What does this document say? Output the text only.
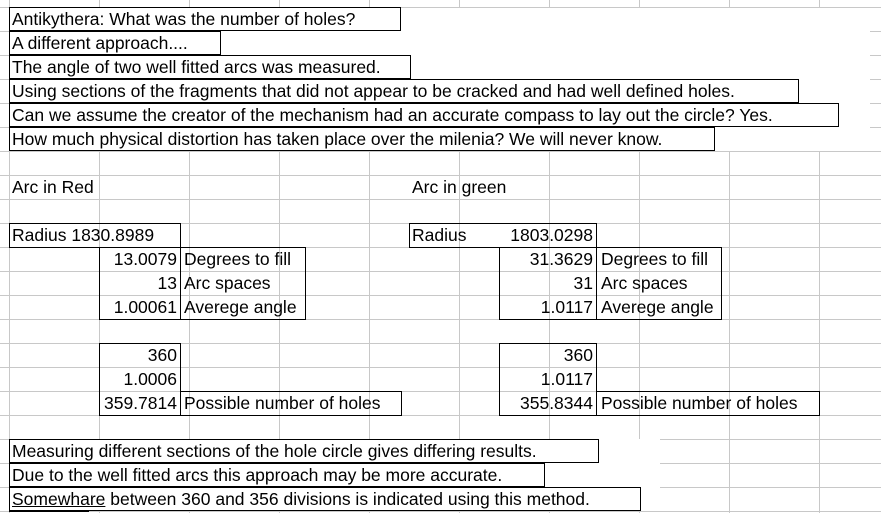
Antikythera: What was the number of holes?
A different approach....
The angle of two well fitted arcs was measured.
Using sections of the fragments that did not appear to be cracked and had well defined holes.
Can we assume the creator of the mechanism had an accurate compass to lay out the circle? Yes.
How much physical distortion has taken place over the milenia? We will never know.
Arc in Red	Arc in green
Radius 1830.8989
13.0079 Degrees to fill
13 Arc spaces
1.00061 Averege angle
360
1.0006
359.7814 Possible number of holes
Radius	1803.0298
31.3629 Degrees to fill
31 Arc spaces
1.0117 Averege angle
360
1.0117
355.8344 Possible number of holes
Measuring different sections of the hole circle gives differing results.
Due to the well fitted arcs this approach may be more accurate.
Somewhare between 360 and 356 divisions is indicated using this method.
